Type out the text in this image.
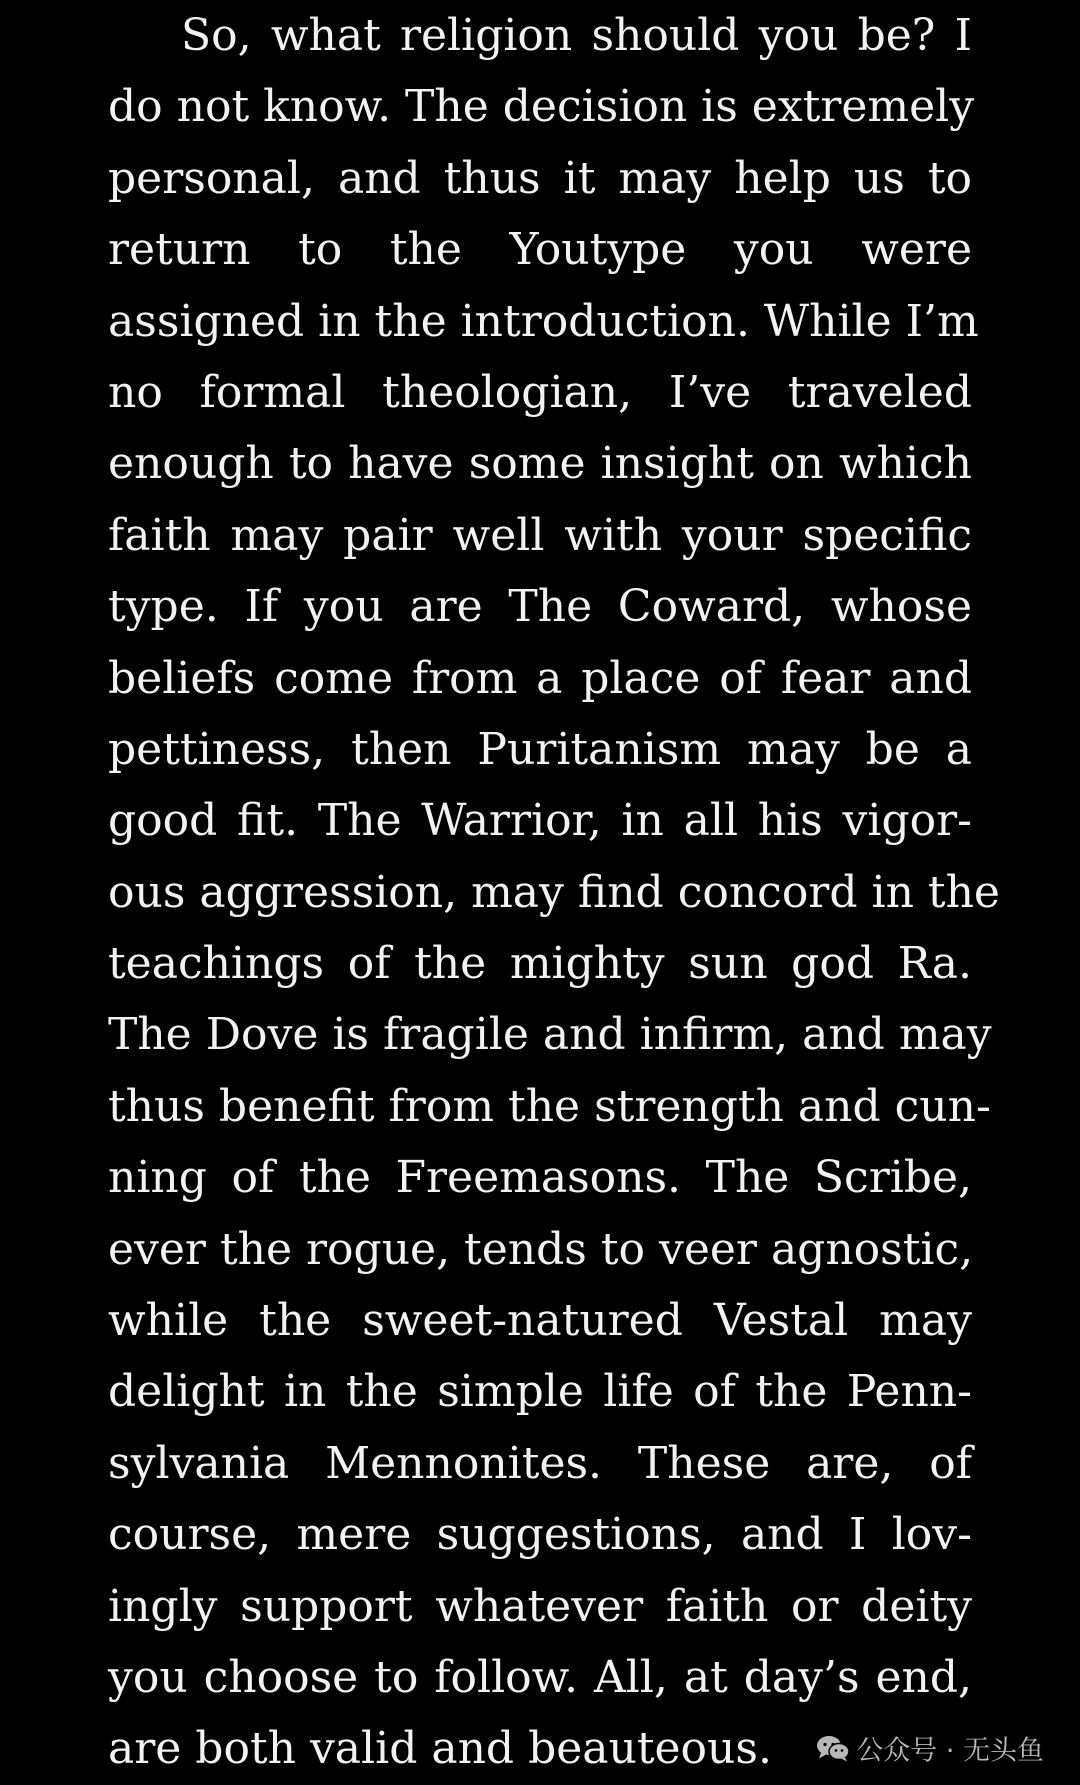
So, what religion should you be? I
do not know. The decision is extremely
personal, and thus it may help us to
return to the Youtype you were
assigned in the introduction. While I’m
no formal theologian, I’ve traveled
enough to have some insight on which
faith may pair well with your specific
type. If you are The Coward, whose
beliefs come from a place of fear and
pettiness, then Puritanism may be a
good fit. The Warrior, in all his vigor-
ous aggression, may find concord in the
teachings of the mighty sun god Ra.
The Dove is fragile and infirm, and may
thus benefit from the strength and cun-
ning of the Freemasons. The Scribe,
ever the rogue, tends to veer agnostic,
while the sweet-natured Vestal may
delight in the simple life of the Penn-
sylvania Mennonites. These are, of
course, mere suggestions, and I lov-
ingly support whatever faith or deity
you choose to follow. All, at day’s end,
are both valid and beauteous.	公众号 · 无头鱼
